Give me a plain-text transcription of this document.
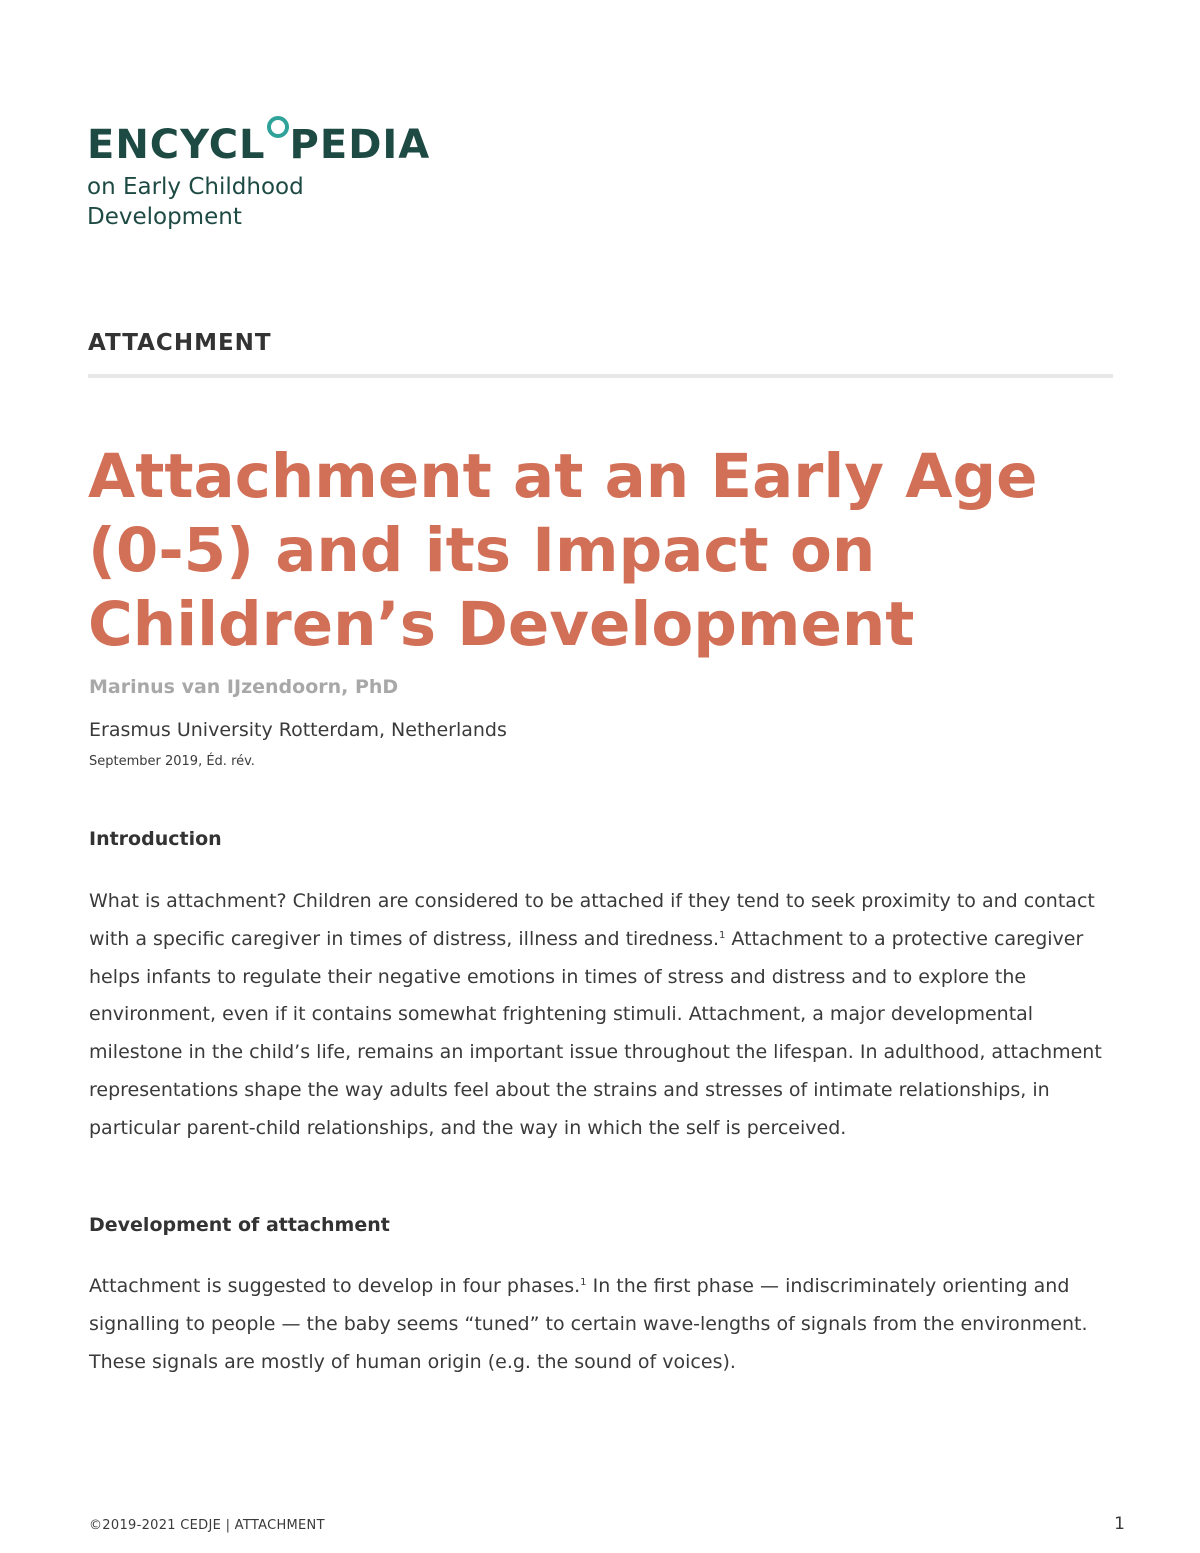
ENCYCL PEDIA
on Early Childhood
Development
ATTACHMENT
Attachment at an Early Age (0-5) and its Impact on Children’s Development
Marinus van IJzendoorn, PhD
Erasmus University Rotterdam, Netherlands
September 2019, Éd. rév.
Introduction

What is attachment? Children are considered to be attached if they tend to seek proximity to and contact with a specific caregiver in times of distress, illness and tiredness.$^1$ Attachment to a protective caregiver helps infants to regulate their negative emotions in times of stress and distress and to explore the environment, even if it contains somewhat frightening stimuli. Attachment, a major developmental milestone in the child’s life, remains an important issue throughout the lifespan. In adulthood, attachment representations shape the way adults feel about the strains and stresses of intimate relationships, in particular parent-child relationships, and the way in which the self is perceived.

Development of attachment

Attachment is suggested to develop in four phases.$^1$ In the first phase — indiscriminately orienting and signalling to people — the baby seems “tuned” to certain wave-lengths of signals from the environment. These signals are mostly of human origin (e.g. the sound of voices).

©2019-2021 CEDJE | ATTACHMENT	1
